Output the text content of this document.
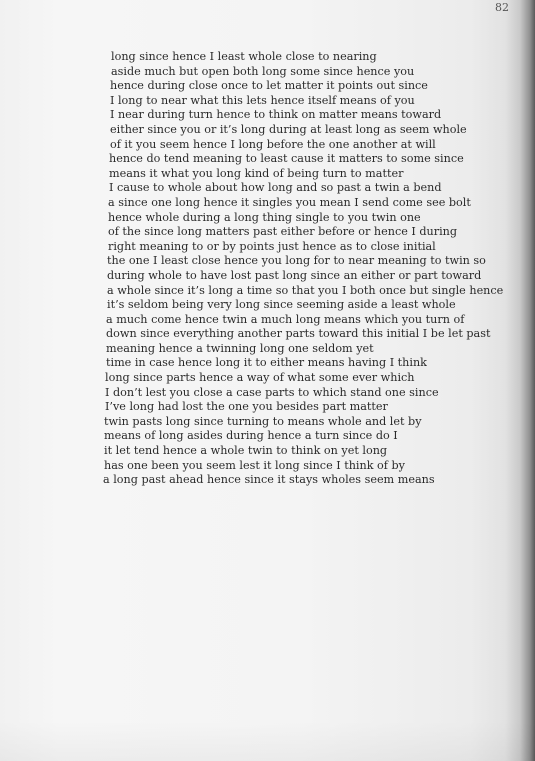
82
long since hence I least whole close to nearing
aside much but open both long some since hence you
hence during close once to let matter it points out since
I long to near what this lets hence itself means of you
I near during turn hence to think on matter means toward
either since you or it’s long during at least long as seem whole
of it you seem hence I long before the one another at will
hence do tend meaning to least cause it matters to some since
means it what you long kind of being turn to matter
I cause to whole about how long and so past a twin a bend
a since one long hence it singles you mean I send come see bolt
hence whole during a long thing single to you twin one
of the since long matters past either before or hence I during
right meaning to or by points just hence as to close initial
the one I least close hence you long for to near meaning to twin so
during whole to have lost past long since an either or part toward
a whole since it’s long a time so that you I both once but single hence
it’s seldom being very long since seeming aside a least whole
a much come hence twin a much long means which you turn of
down since everything another parts toward this initial I be let past
meaning hence a twinning long one seldom yet
time in case hence long it to either means having I think
long since parts hence a way of what some ever which
I don’t lest you close a case parts to which stand one since
I’ve long had lost the one you besides part matter
twin pasts long since turning to means whole and let by
means of long asides during hence a turn since do I
it let tend hence a whole twin to think on yet long
has one been you seem lest it long since I think of by
a long past ahead hence since it stays wholes seem means
